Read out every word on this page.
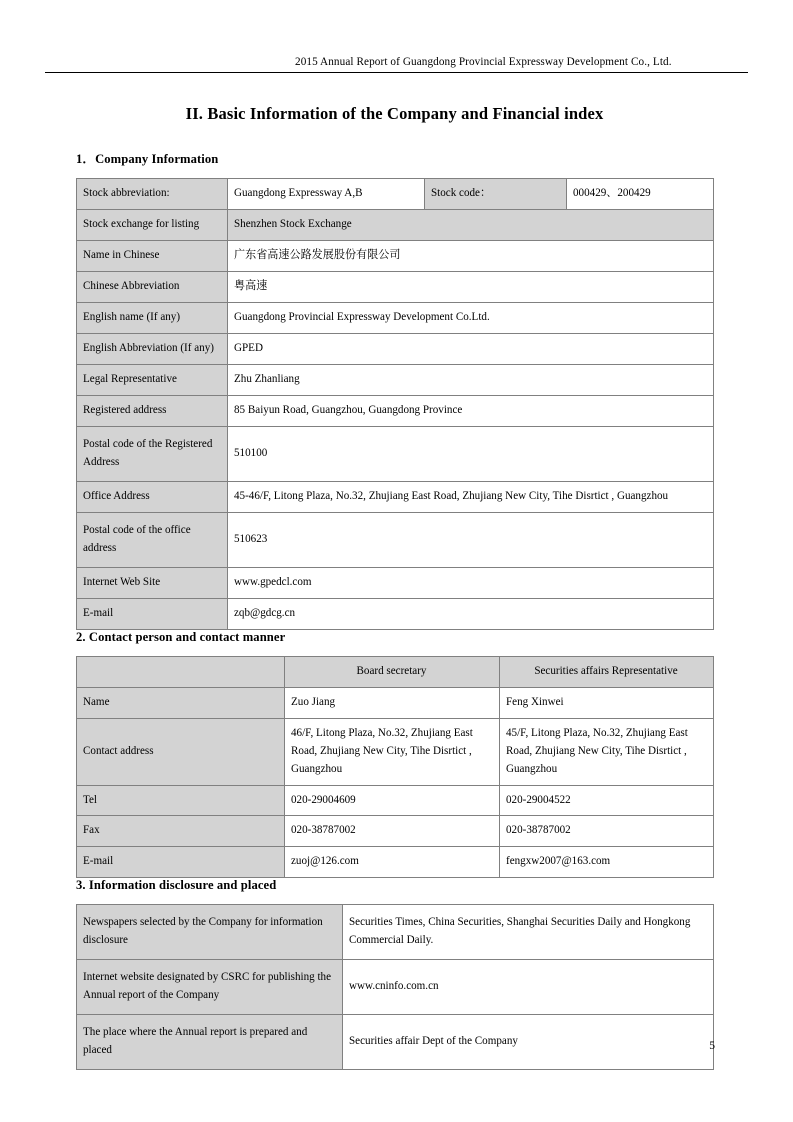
2015 Annual Report of Guangdong Provincial Expressway Development Co., Ltd.
II. Basic Information of the Company and Financial index
1．Company Information
Stock abbreviation:	Guangdong Expressway A,B	Stock code：	000429、200429
Stock exchange for listing	Shenzhen Stock Exchange		
Name in Chinese	广东省高速公路发展股份有限公司		
Chinese Abbreviation	粤高速		
English name (If any)	Guangdong Provincial Expressway Development Co.Ltd.		
English Abbreviation (If any)	GPED		
Legal Representative	Zhu Zhanliang		
Registered address	85 Baiyun Road, Guangzhou, Guangdong Province		
Postal code of the Registered Address	510100		
Office Address	45-46/F, Litong Plaza, No.32, Zhujiang East Road, Zhujiang New City, Tihe Disrtict , Guangzhou		
Postal code of the office address	510623		
Internet Web Site	www.gpedcl.com		
E-mail	zqb@gdcg.cn		
2. Contact person and contact manner
	Board secretary	Securities affairs Representative
Name	Zuo Jiang	Feng Xinwei
Contact address	46/F, Litong Plaza, No.32, Zhujiang East Road, Zhujiang New City, Tihe Disrtict , Guangzhou	45/F, Litong Plaza, No.32, Zhujiang East Road, Zhujiang New City, Tihe Disrtict , Guangzhou
Tel	020-29004609	020-29004522
Fax	020-38787002	020-38787002
E-mail	zuoj@126.com	fengxw2007@163.com
3. Information disclosure and placed
Newspapers selected by the Company for information disclosure	Securities Times, China Securities, Shanghai Securities Daily and Hongkong Commercial Daily.
Internet website designated by CSRC for publishing the Annual report of the Company	www.cninfo.com.cn
The place where the Annual report is prepared and placed	Securities affair Dept of the Company	5
